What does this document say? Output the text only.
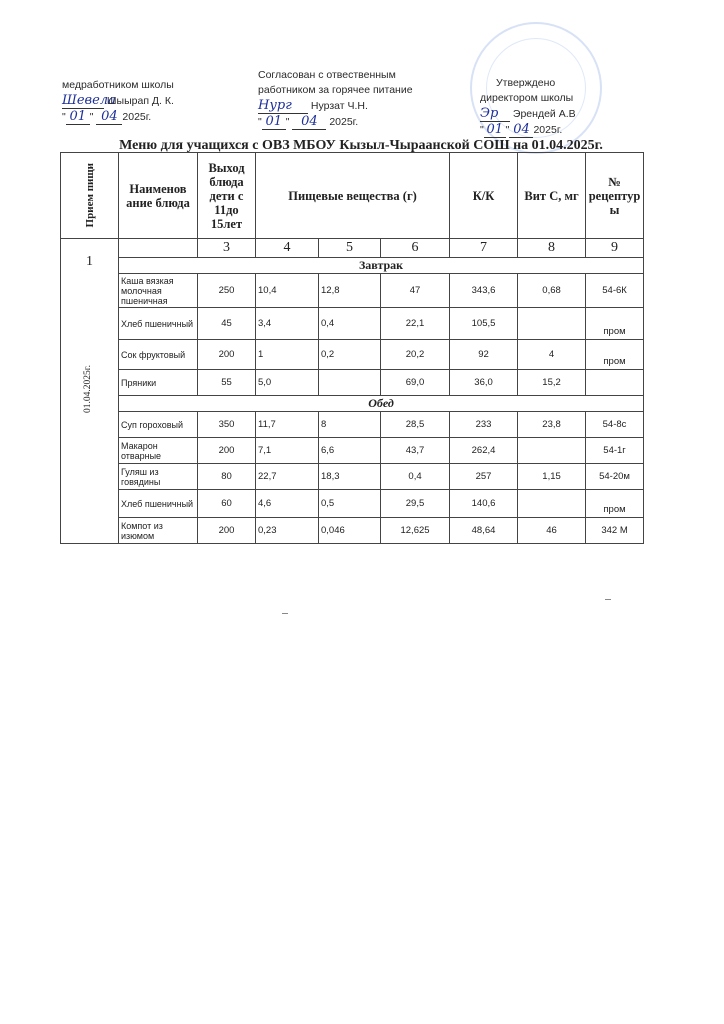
медработником школы
Шевела Шыырап Д. К.
" 01 " 04 2025г.
Согласован с отвественным
работником за горячее питание
Нург Нурзат Ч.Н.
" 01 " 04 2025г.
Утверждено
директором школы
Эр Эрендей А.В
" 01 " 04 2025г.
Меню для учащихся с ОВЗ МБОУ Кызыл-Чыраанской СОШ на 01.04.2025г.
Прием пищи	Наименов ание блюда	Выход блюда дети с 11до 15лет	Пищевые вещества (г)			К/К	Вит С, мг	№ рецептур ы

1
01.04.2025г.		3	4	5	6	7	8	9
	Завтрак							
	Каша вязкая молочная пшеничная	250	10,4	12,8	47	343,6	0,68	54-6К
	Хлеб пшеничный	45	3,4	0,4	22,1	105,5		пром
	Сок фруктовый	200	1	0,2	20,2	92	4	пром
	Пряники	55	5,0		69,0	36,0	15,2	
	Обед							
	Суп гороховый	350	11,7	8	28,5	233	23,8	54-8с
	Макарон отварные	200	7,1	6,6	43,7	262,4		54-1г
	Гуляш из говядины	80	22,7	18,3	0,4	257	1,15	54-20м
	Хлеб пшеничный	60	4,6	0,5	29,5	140,6		пром
	Компот из изюмом	200	0,23	0,046	12,625	48,64	46	342 М
